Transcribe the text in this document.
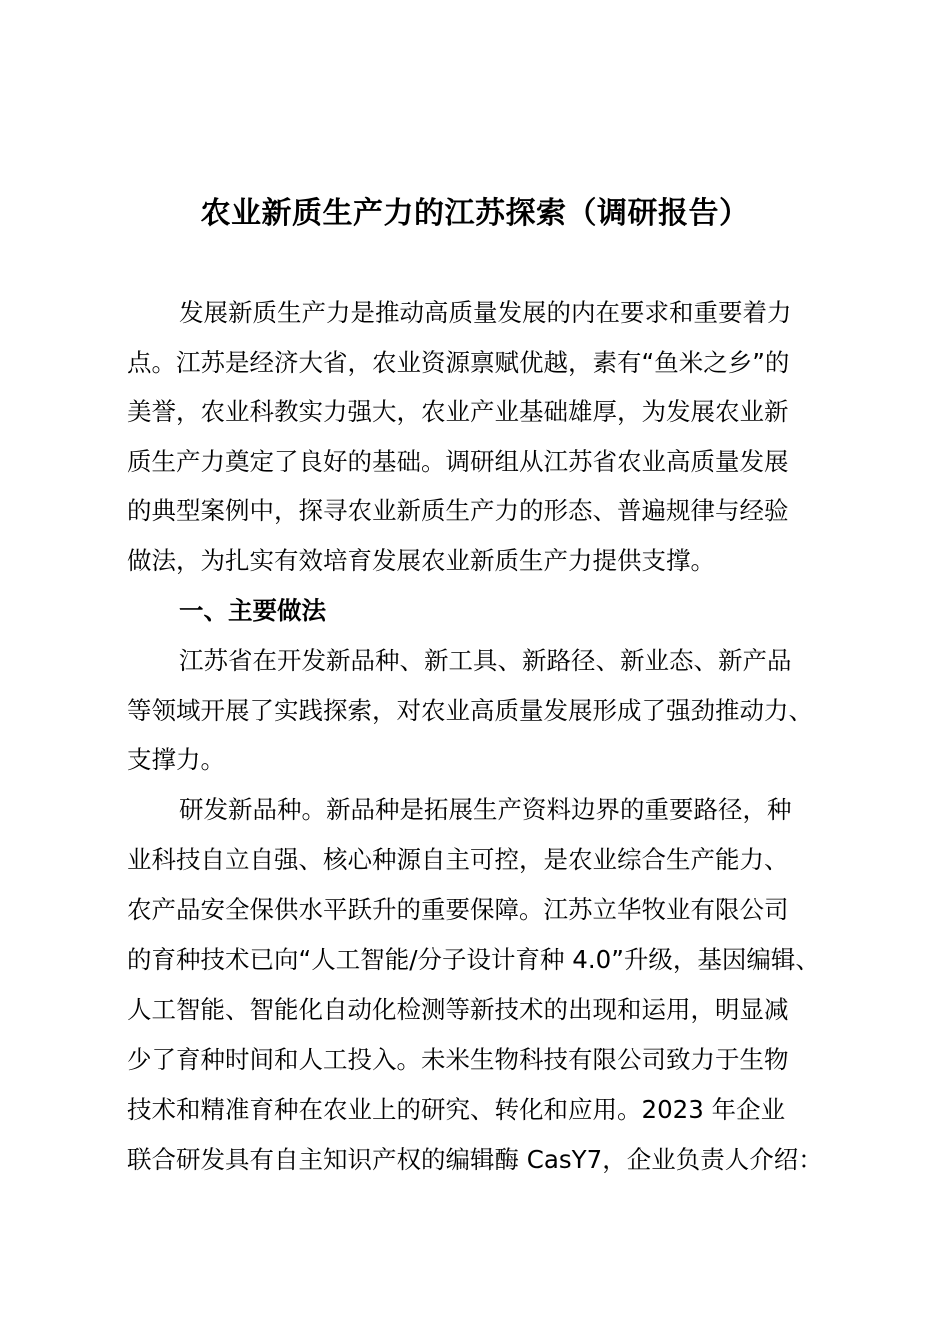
农业新质生产力的江苏探索（调研报告）
发展新质生产力是推动高质量发展的内在要求和重要着力
点。江苏是经济大省，农业资源禀赋优越，素有“鱼米之乡”的
美誉，农业科教实力强大，农业产业基础雄厚，为发展农业新
质生产力奠定了良好的基础。调研组从江苏省农业高质量发展
的典型案例中，探寻农业新质生产力的形态、普遍规律与经验
做法，为扎实有效培育发展农业新质生产力提供支撑。
一、主要做法
江苏省在开发新品种、新工具、新路径、新业态、新产品
等领域开展了实践探索，对农业高质量发展形成了强劲推动力、
支撑力。
研发新品种。新品种是拓展生产资料边界的重要路径，种
业科技自立自强、核心种源自主可控，是农业综合生产能力、
农产品安全保供水平跃升的重要保障。江苏立华牧业有限公司
的育种技术已向“人工智能/分子设计育种 4.0”升级，基因编辑、
人工智能、智能化自动化检测等新技术的出现和运用，明显减
少了育种时间和人工投入。未米生物科技有限公司致力于生物
技术和精准育种在农业上的研究、转化和应用。2023 年企业
联合研发具有自主知识产权的编辑酶 CasY7，企业负责人介绍：
